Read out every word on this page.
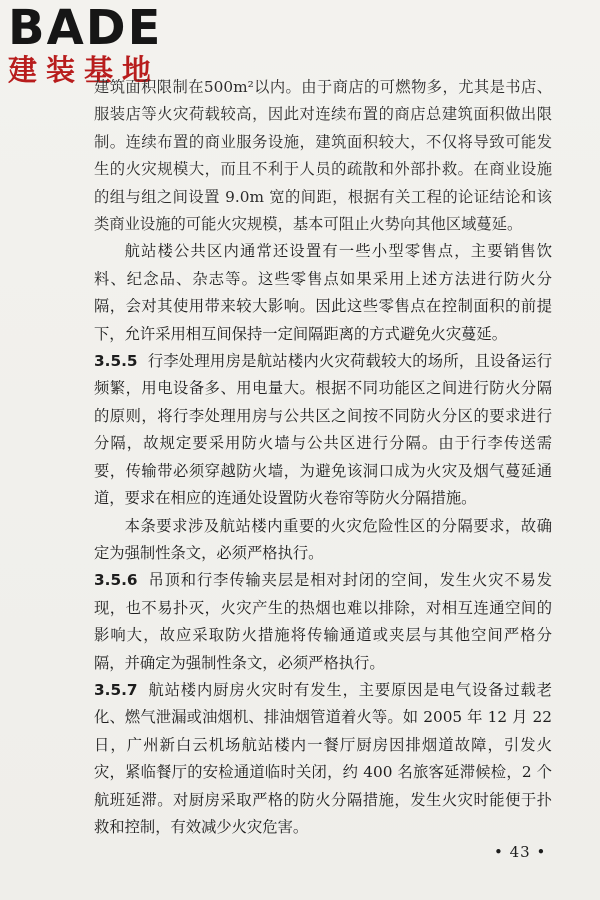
BADE
建装基地

建筑面积限制在500m²以内。由于商店的可燃物多，尤其是书店、服装店等火灾荷载较高，因此对连续布置的商店总建筑面积做出限制。连续布置的商业服务设施，建筑面积较大，不仅将导致可能发生的火灾规模大，而且不利于人员的疏散和外部扑救。在商业设施的组与组之间设置 9.0m 宽的间距，根据有关工程的论证结论和该类商业设施的可能火灾规模，基本可阻止火势向其他区域蔓延。

航站楼公共区内通常还设置有一些小型零售点，主要销售饮料、纪念品、杂志等。这些零售点如果采用上述方法进行防火分隔，会对其使用带来较大影响。因此这些零售点在控制面积的前提下，允许采用相互间保持一定间隔距离的方式避免火灾蔓延。

3.5.5 行李处理用房是航站楼内火灾荷载较大的场所，且设备运行频繁，用电设备多、用电量大。根据不同功能区之间进行防火分隔的原则，将行李处理用房与公共区之间按不同防火分区的要求进行分隔，故规定要采用防火墙与公共区进行分隔。由于行李传送需要，传输带必须穿越防火墙，为避免该洞口成为火灾及烟气蔓延通道，要求在相应的连通处设置防火卷帘等防火分隔措施。

本条要求涉及航站楼内重要的火灾危险性区的分隔要求，故确定为强制性条文，必须严格执行。

3.5.6 吊顶和行李传输夹层是相对封闭的空间，发生火灾不易发现，也不易扑灭，火灾产生的热烟也难以排除，对相互连通空间的影响大，故应采取防火措施将传输通道或夹层与其他空间严格分隔，并确定为强制性条文，必须严格执行。

3.5.7 航站楼内厨房火灾时有发生，主要原因是电气设备过载老化、燃气泄漏或油烟机、排油烟管道着火等。如 2005 年 12 月 22 日，广州新白云机场航站楼内一餐厅厨房因排烟道故障，引发火灾，紧临餐厅的安检通道临时关闭，约 400 名旅客延滞候检，2 个航班延滞。对厨房采取严格的防火分隔措施，发生火灾时能便于扑救和控制，有效减少火灾危害。

• 43 •
